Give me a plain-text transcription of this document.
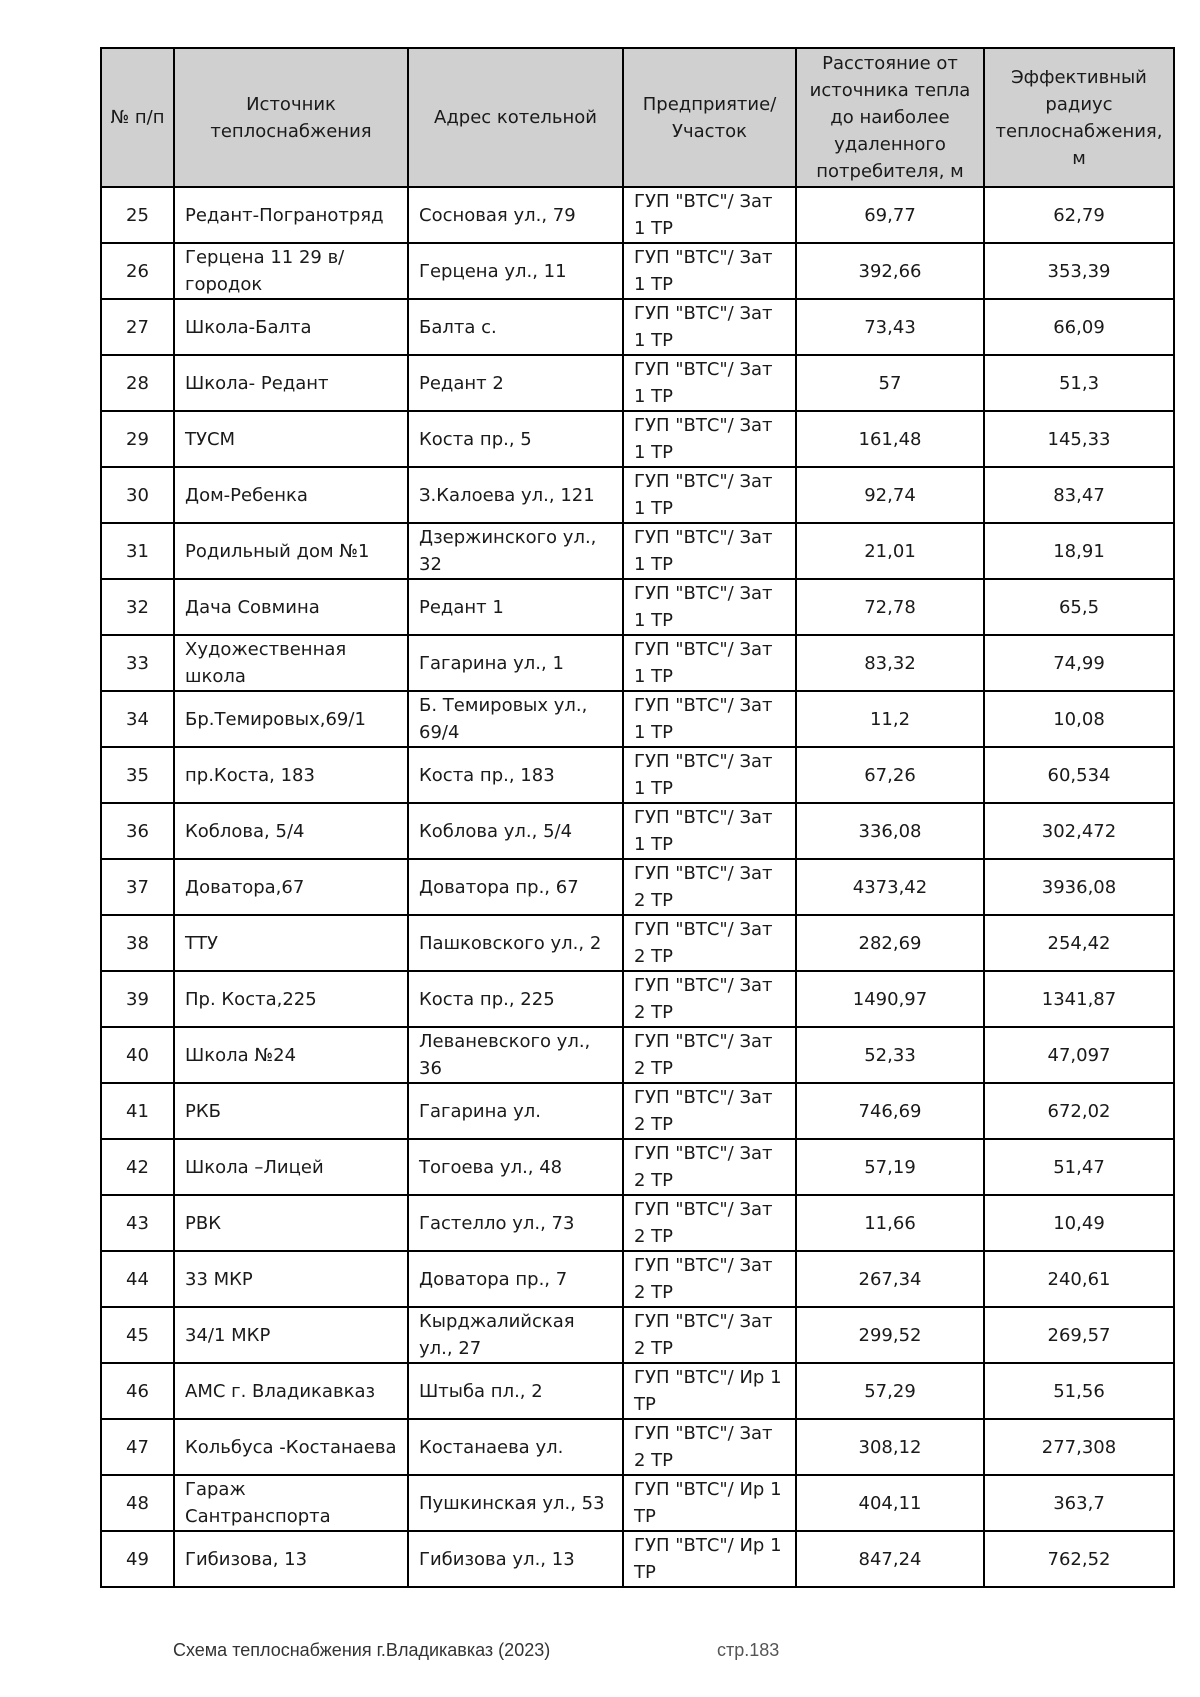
№ п/п	Источник теплоснабжения	Адрес котельной	Предприятие/ Участок	Расстояние от источника тепла до наиболее удаленного потребителя, м	Эффективный радиус теплоснабжения, м
25	Редант-Погранотряд	Сосновая ул., 79	ГУП "ВТС"/ Зат 1 ТР	69,77	62,79
26	Герцена 11 29 в/городок	Герцена ул., 11	ГУП "ВТС"/ Зат 1 ТР	392,66	353,39
27	Школа-Балта	Балта с.	ГУП "ВТС"/ Зат 1 ТР	73,43	66,09
28	Школа- Редант	Редант 2	ГУП "ВТС"/ Зат 1 ТР	57	51,3
29	ТУСМ	Коста пр., 5	ГУП "ВТС"/ Зат 1 ТР	161,48	145,33
30	Дом-Ребенка	З.Калоева ул., 121	ГУП "ВТС"/ Зат 1 ТР	92,74	83,47
31	Родильный дом №1	Дзержинского ул., 32	ГУП "ВТС"/ Зат 1 ТР	21,01	18,91
32	Дача Совмина	Редант 1	ГУП "ВТС"/ Зат 1 ТР	72,78	65,5
33	Художественная школа	Гагарина ул., 1	ГУП "ВТС"/ Зат 1 ТР	83,32	74,99
34	Бр.Темировых,69/1	Б. Темировых ул., 69/4	ГУП "ВТС"/ Зат 1 ТР	11,2	10,08
35	пр.Коста, 183	Коста пр., 183	ГУП "ВТС"/ Зат 1 ТР	67,26	60,534
36	Коблова, 5/4	Коблова ул., 5/4	ГУП "ВТС"/ Зат 1 ТР	336,08	302,472
37	Доватора,67	Доватора пр., 67	ГУП "ВТС"/ Зат 2 ТР	4373,42	3936,08
38	ТТУ	Пашковского ул., 2	ГУП "ВТС"/ Зат 2 ТР	282,69	254,42
39	Пр. Коста,225	Коста пр., 225	ГУП "ВТС"/ Зат 2 ТР	1490,97	1341,87
40	Школа №24	Леваневского ул., 36	ГУП "ВТС"/ Зат 2 ТР	52,33	47,097
41	РКБ	Гагарина ул.	ГУП "ВТС"/ Зат 2 ТР	746,69	672,02
42	Школа –Лицей	Тогоева ул., 48	ГУП "ВТС"/ Зат 2 ТР	57,19	51,47
43	РВК	Гастелло ул., 73	ГУП "ВТС"/ Зат 2 ТР	11,66	10,49
44	33 МКР	Доватора пр., 7	ГУП "ВТС"/ Зат 2 ТР	267,34	240,61
45	34/1 МКР	Кырджалийская ул., 27	ГУП "ВТС"/ Зат 2 ТР	299,52	269,57
46	АМС г. Владикавказ	Штыба пл., 2	ГУП "ВТС"/ Ир 1 ТР	57,29	51,56
47	Кольбуса -Костанаева	Костанаева ул.	ГУП "ВТС"/ Зат 2 ТР	308,12	277,308
48	Гараж Сантранспорта	Пушкинская ул., 53	ГУП "ВТС"/ Ир 1 ТР	404,11	363,7
49	Гибизова, 13	Гибизова ул., 13	ГУП "ВТС"/ Ир 1 ТР	847,24	762,52
Схема теплоснабжения г.Владикавказ (2023)	стр.183
